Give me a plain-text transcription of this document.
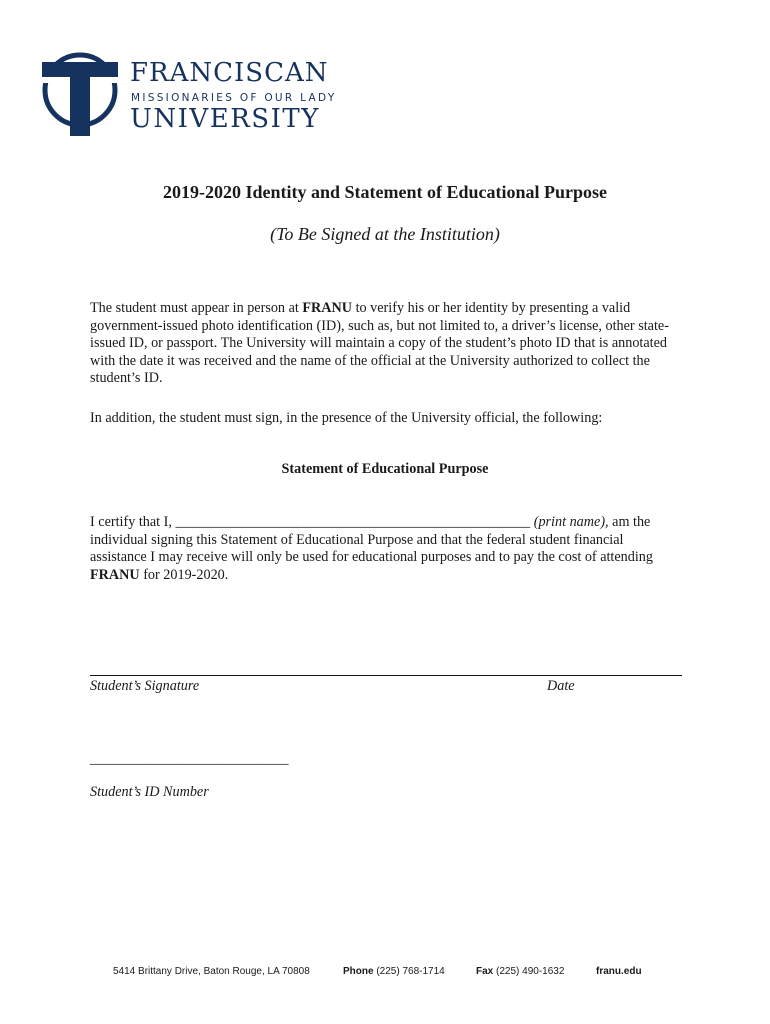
FRANCISCAN
MISSIONARIES OF OUR LADY
UNIVERSITY
2019-2020 Identity and Statement of Educational Purpose
(To Be Signed at the Institution)
The student must appear in person at FRANU to verify his or her identity by presenting a valid government-issued photo identification (ID), such as, but not limited to, a driver’s license, other state-issued ID, or passport. The University will maintain a copy of the student’s photo ID that is annotated with the date it was received and the name of the official at the University authorized to collect the student’s ID.
In addition, the student must sign, in the presence of the University official, the following:
Statement of Educational Purpose
I certify that I, __________________________________________________ (print name), am the individual signing this Statement of Educational Purpose and that the federal student financial assistance I may receive will only be used for educational purposes and to pay the cost of attending FRANU for 2019-2020.
Student’s Signature	Date
____________________________
Student’s ID Number
5414 Brittany Drive, Baton Rouge, LA 70808	Phone (225) 768-1714	Fax (225) 490-1632	franu.edu
